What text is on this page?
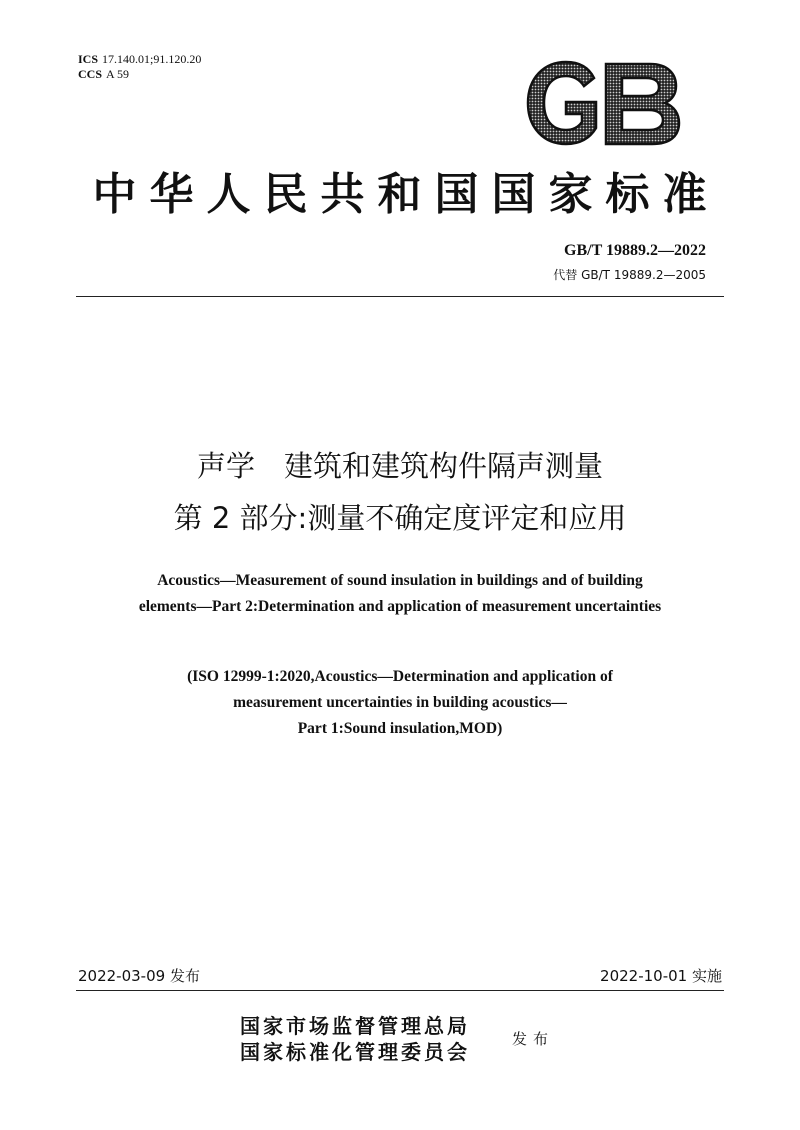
ICS 17.140.01;91.120.20
CCS A 59
中华人民共和国国家标准
GB/T 19889.2—2022
代替 GB/T 19889.2—2005
声学　建筑和建筑构件隔声测量
第 2 部分:测量不确定度评定和应用
Acoustics—Measurement of sound insulation in buildings and of building
elements—Part 2:Determination and application of measurement uncertainties
(ISO 12999-1:2020,Acoustics—Determination and application of
measurement uncertainties in building acoustics—
Part 1:Sound insulation,MOD)
2022-03-09 发布	2022-10-01 实施
国家市场监督管理总局
国家标准化管理委员会
发布
